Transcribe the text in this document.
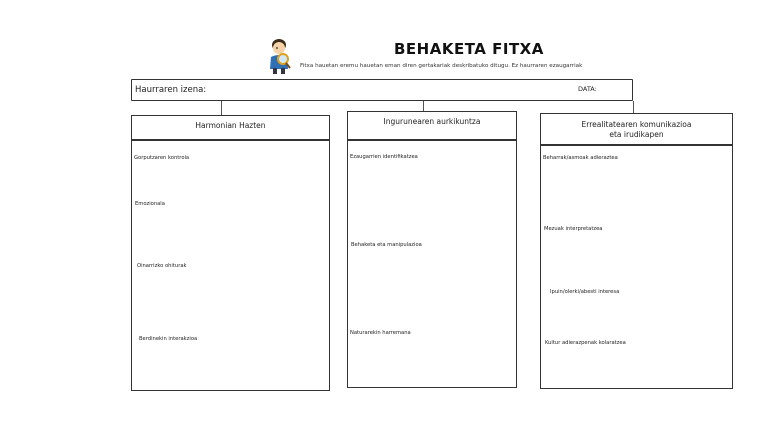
BEHAKETA FITXA
Fitxa hauetan eremu hauetan eman diren gertakariak deskribatuko ditugu. Ez haurraren ezaugarriak
Haurraren izena:	DATA:
Harmonian Hazten
Gorputzaren kontrola
Emozionala
Oinarrizko ohiturak
Berdinekin interakzioa
Ingurunearen aurkikuntza
Ezaugarrien identifikatzea
Behaketa eta manipulazioa
Naturarekin harremana
Errealitatearen komunikazioa
eta irudikapen
Beharrak/asmoak adieraztea
Mezuak interpretatzea
Ipuin/olerki/abesti interesa
Kultur adierazpenak kolaratzea
